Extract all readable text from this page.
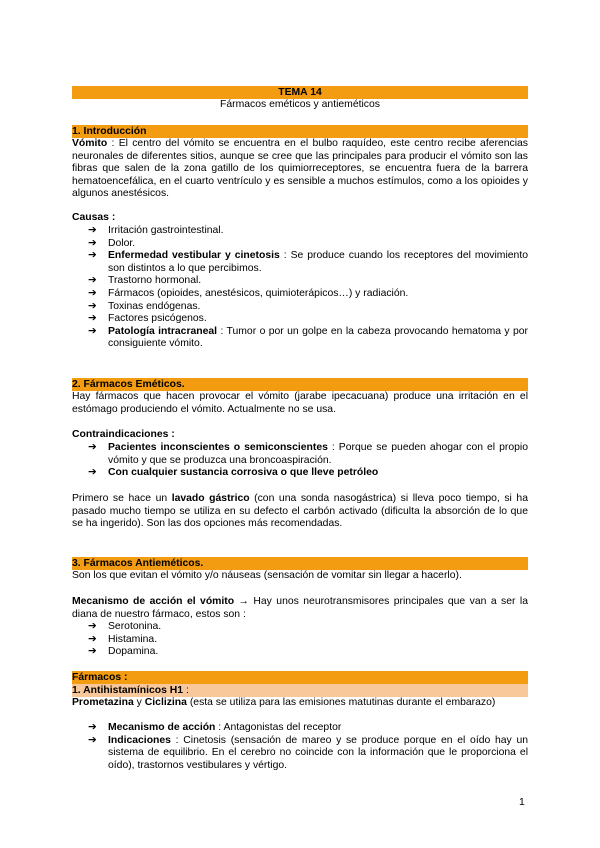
TEMA 14
Fármacos eméticos y antieméticos
1. Introducción
Vómito : El centro del vómito se encuentra en el bulbo raquídeo, este centro recibe aferencias neuronales de diferentes sitios, aunque se cree que las principales para producir el vómito son las fibras que salen de la zona gatillo de los quimiorreceptores, se encuentra fuera de la barrera hematoencefálica, en el cuarto ventrículo y es sensible a muchos estímulos, como a los opioides y algunos anestésicos.
Causas :
➔ Irritación gastrointestinal.
➔ Dolor.
➔ Enfermedad vestibular y cinetosis : Se produce cuando los receptores del movimiento son distintos a lo que percibimos.
➔ Trastorno hormonal.
➔ Fármacos (opioides, anestésicos, quimioterápicos…) y radiación.
➔ Toxinas endógenas.
➔ Factores psicógenos.
➔ Patología intracraneal : Tumor o por un golpe en la cabeza provocando hematoma y por consiguiente vómito.
2. Fármacos Eméticos.
Hay fármacos que hacen provocar el vómito (jarabe ipecacuana) produce una irritación en el estómago produciendo el vómito. Actualmente no se usa.
Contraindicaciones :
➔ Pacientes inconscientes o semiconscientes : Porque se pueden ahogar con el propio vómito y que se produzca una broncoaspiración.
➔ Con cualquier sustancia corrosiva o que lleve petróleo
Primero se hace un lavado gástrico (con una sonda nasogástrica) si lleva poco tiempo, si ha pasado mucho tiempo se utiliza en su defecto el carbón activado (dificulta la absorción de lo que se ha ingerido). Son las dos opciones más recomendadas.
3. Fármacos Antieméticos.
Son los que evitan el vómito y/o náuseas (sensación de vomitar sin llegar a hacerlo).
Mecanismo de acción el vómito → Hay unos neurotransmisores principales que van a ser la diana de nuestro fármaco, estos son :
➔ Serotonina.
➔ Histamina.
➔ Dopamina.
Fármacos :
1. Antihistamínicos H1 :
Prometazina y Ciclizina (esta se utiliza para las emisiones matutinas durante el embarazo)
➔ Mecanismo de acción : Antagonistas del receptor
➔ Indicaciones : Cinetosis (sensación de mareo y se produce porque en el oído hay un sistema de equilibrio. En el cerebro no coincide con la información que le proporciona el oído), trastornos vestibulares y vértigo.
1
